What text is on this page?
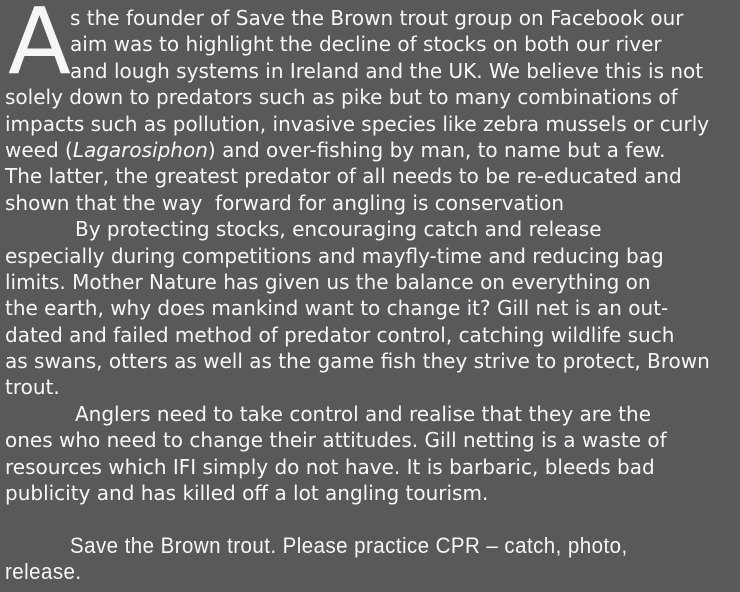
A s the founder of Save the Brown trout group on Facebook our
aim was to highlight the decline of stocks on both our river
and lough systems in Ireland and the UK. We believe this is not
solely down to predators such as pike but to many combinations of
impacts such as pollution, invasive species like zebra mussels or curly
weed (Lagarosiphon) and over-fishing by man, to name but a few.
The latter, the greatest predator of all needs to be re-educated and
shown that the way  forward for angling is conservation
By protecting stocks, encouraging catch and release
especially during competitions and mayfly-time and reducing bag
limits. Mother Nature has given us the balance on everything on
the earth, why does mankind want to change it? Gill net is an out-
dated and failed method of predator control, catching wildlife such
as swans, otters as well as the game fish they strive to protect, Brown
trout.
Anglers need to take control and realise that they are the
ones who need to change their attitudes. Gill netting is a waste of
resources which IFI simply do not have. It is barbaric, bleeds bad
publicity and has killed off a lot angling tourism.
Save the Brown trout. Please practice CPR – catch, photo,
release.
